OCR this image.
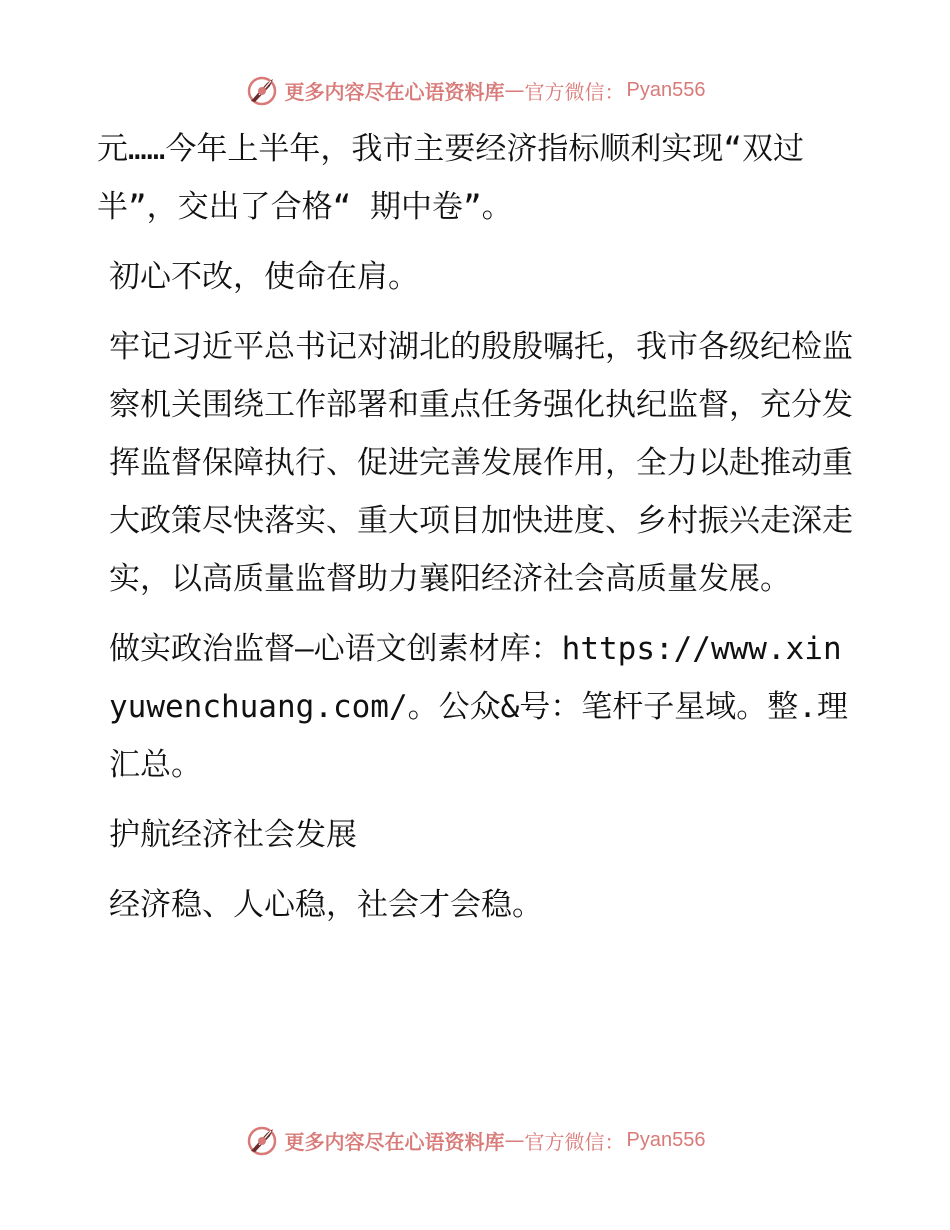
更多内容尽在心语资料库 — 官方微信： Pyan556

元……今年上半年，我市主要经济指标顺利实现“双过半”，交出了合格“ 期中卷”。

初心不改，使命在肩。

牢记习近平总书记对湖北的殷殷嘱托，我市各级纪检监察机关围绕工作部署和重点任务强化执纪监督，充分发挥监督保障执行、促进完善发展作用，全力以赴推动重大政策尽快落实、重大项目加快进度、乡村振兴走深走实，以高质量监督助力襄阳经济社会高质量发展。

做实政治监督—心语文创素材库：https://www.xinyuwenchuang.com/。公众&号：笔杆子星域。整.理汇总。

护航经济社会发展

经济稳、人心稳，社会才会稳。

更多内容尽在心语资料库 — 官方微信： Pyan556
